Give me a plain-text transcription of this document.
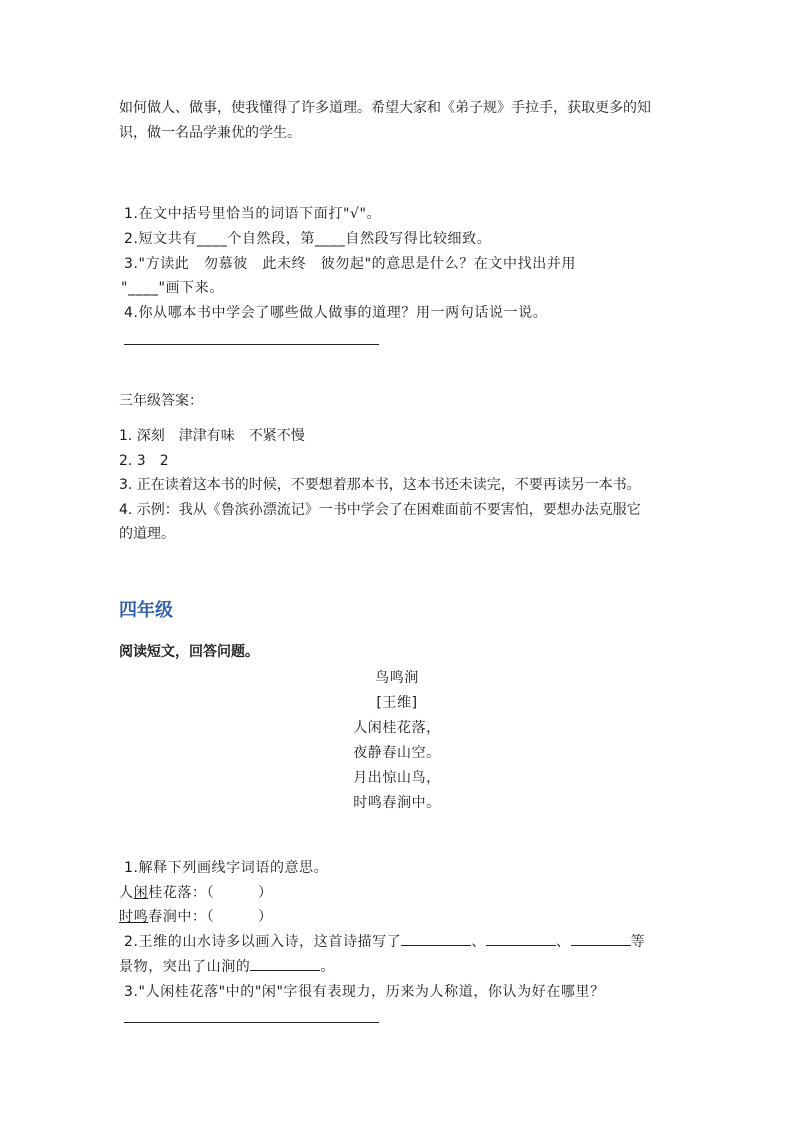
如何做人、做事，使我懂得了许多道理。希望大家和《弟子规》手拉手，获取更多的知
识，做一名品学兼优的学生。
1.在文中括号里恰当的词语下面打"√"。
2.短文共有____个自然段，第____自然段写得比较细致。
3."方读此　勿慕彼　此未终　彼勿起"的意思是什么？在文中找出并用
"____"画下来。
4.你从哪本书中学会了哪些做人做事的道理？用一两句话说一说。
三年级答案：
1. 深刻　津津有味　不紧不慢
2. 3　2
3. 正在读着这本书的时候，不要想着那本书，这本书还未读完，不要再读另一本书。
4. 示例：我从《鲁滨孙漂流记》一书中学会了在困难面前不要害怕，要想办法克服它
的道理。
四年级
阅读短文，回答问题。
鸟鸣涧
[王维]
人闲桂花落，
夜静春山空。
月出惊山鸟，
时鸣春涧中。
1.解释下列画线字词语的意思。
人闲桂花落：（　　　）
时鸣春涧中：（　　　）
2.王维的山水诗多以画入诗，这首诗描写了	、	、	等
景物，突出了山涧的	。
3."人闲桂花落"中的"闲"字很有表现力，历来为人称道，你认为好在哪里？
